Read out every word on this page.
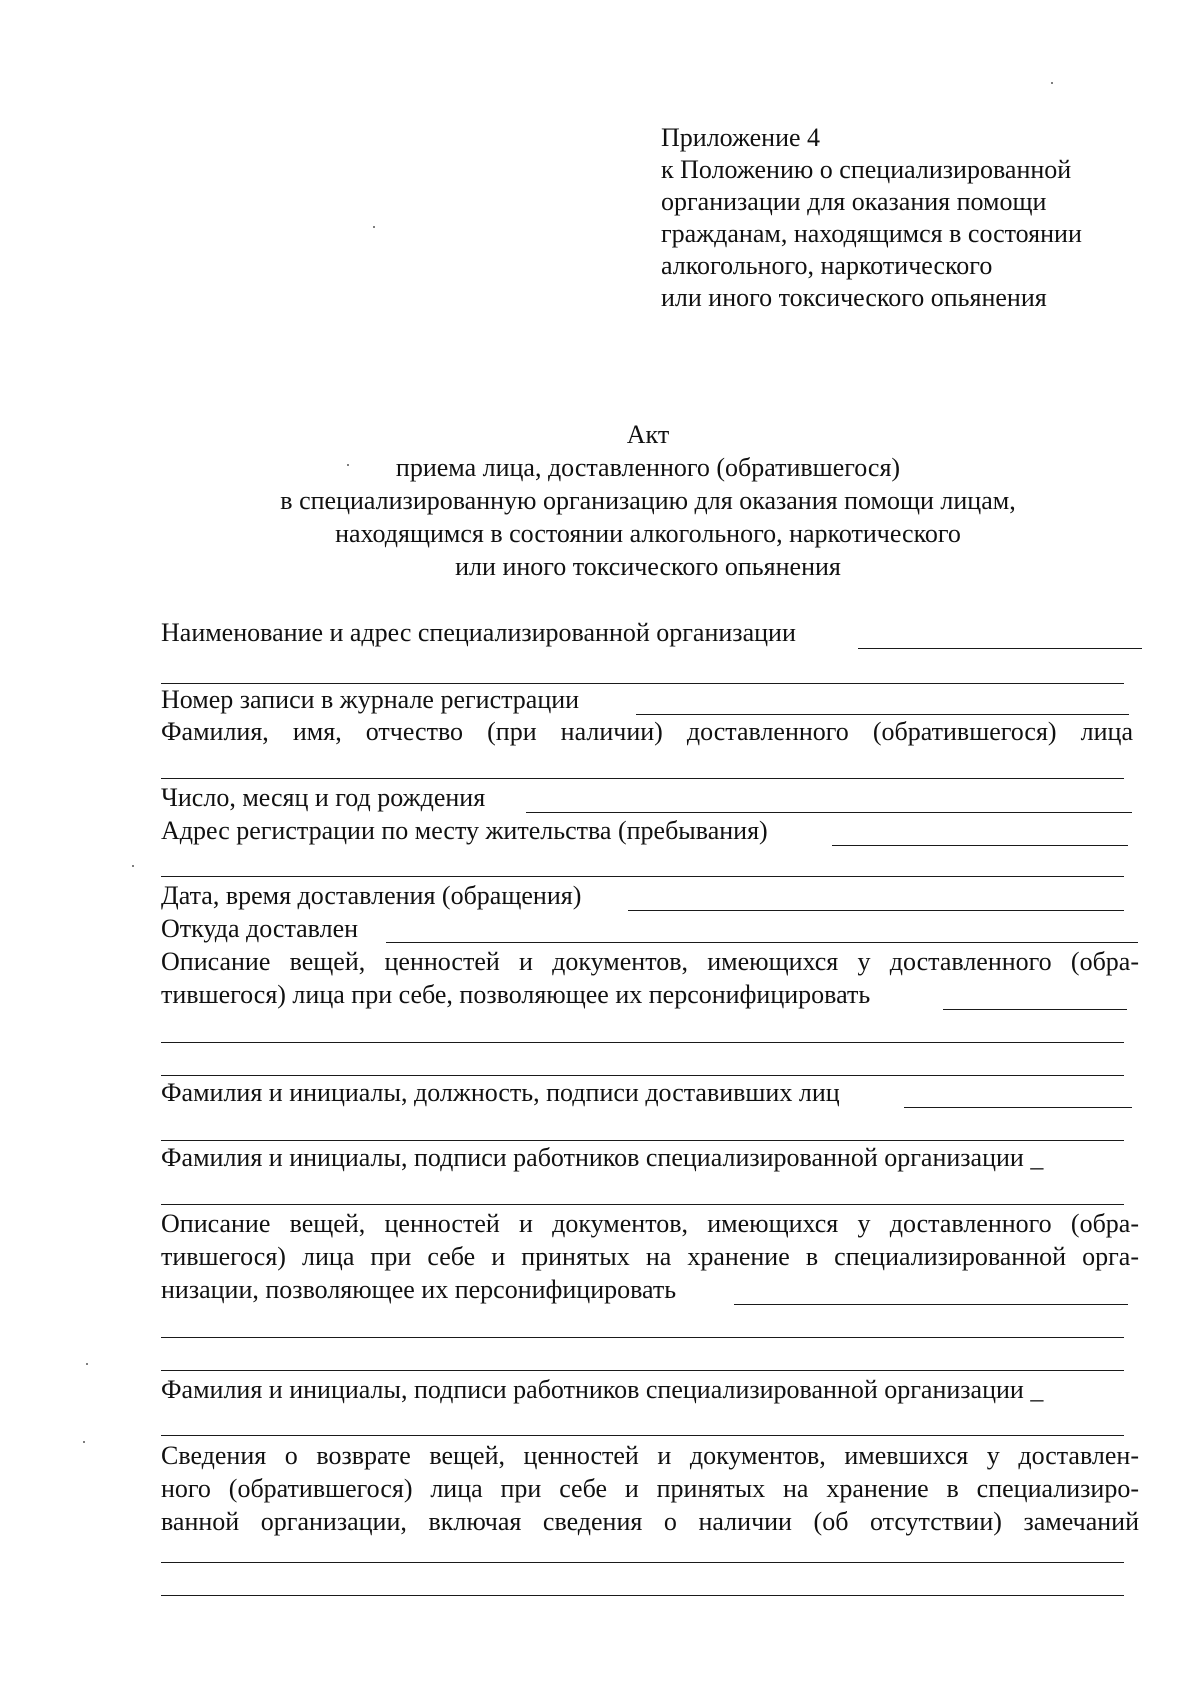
Приложение 4
к Положению о специализированной
организации для оказания помощи
гражданам, находящимся в состоянии
алкогольного, наркотического
или иного токсического опьянения
Акт
приема лица, доставленного (обратившегося)
в специализированную организацию для оказания помощи лицам,
находящимся в состоянии алкогольного, наркотического
или иного токсического опьянения
Наименование и адрес специализированной организации
Номер записи в журнале регистрации
Фамилия, имя, отчество (при наличии) доставленного (обратившегося) лица
Число, месяц и год рождения
Адрес регистрации по месту жительства (пребывания)
Дата, время доставления (обращения)
Откуда доставлен
Описание вещей, ценностей и документов, имеющихся у доставленного (обра-
тившегося) лица при себе, позволяющее их персонифицировать
Фамилия и инициалы, должность, подписи доставивших лиц
Фамилия и инициалы, подписи работников специализированной организации _
Описание вещей, ценностей и документов, имеющихся у доставленного (обра-
тившегося) лица при себе и принятых на хранение в специализированной орга-
низации, позволяющее их персонифицировать
Фамилия и инициалы, подписи работников специализированной организации _
Сведения о возврате вещей, ценностей и документов, имевшихся у доставлен-
ного (обратившегося) лица при себе и принятых на хранение в специализиро-
ванной организации, включая сведения о наличии (об отсутствии) замечаний
